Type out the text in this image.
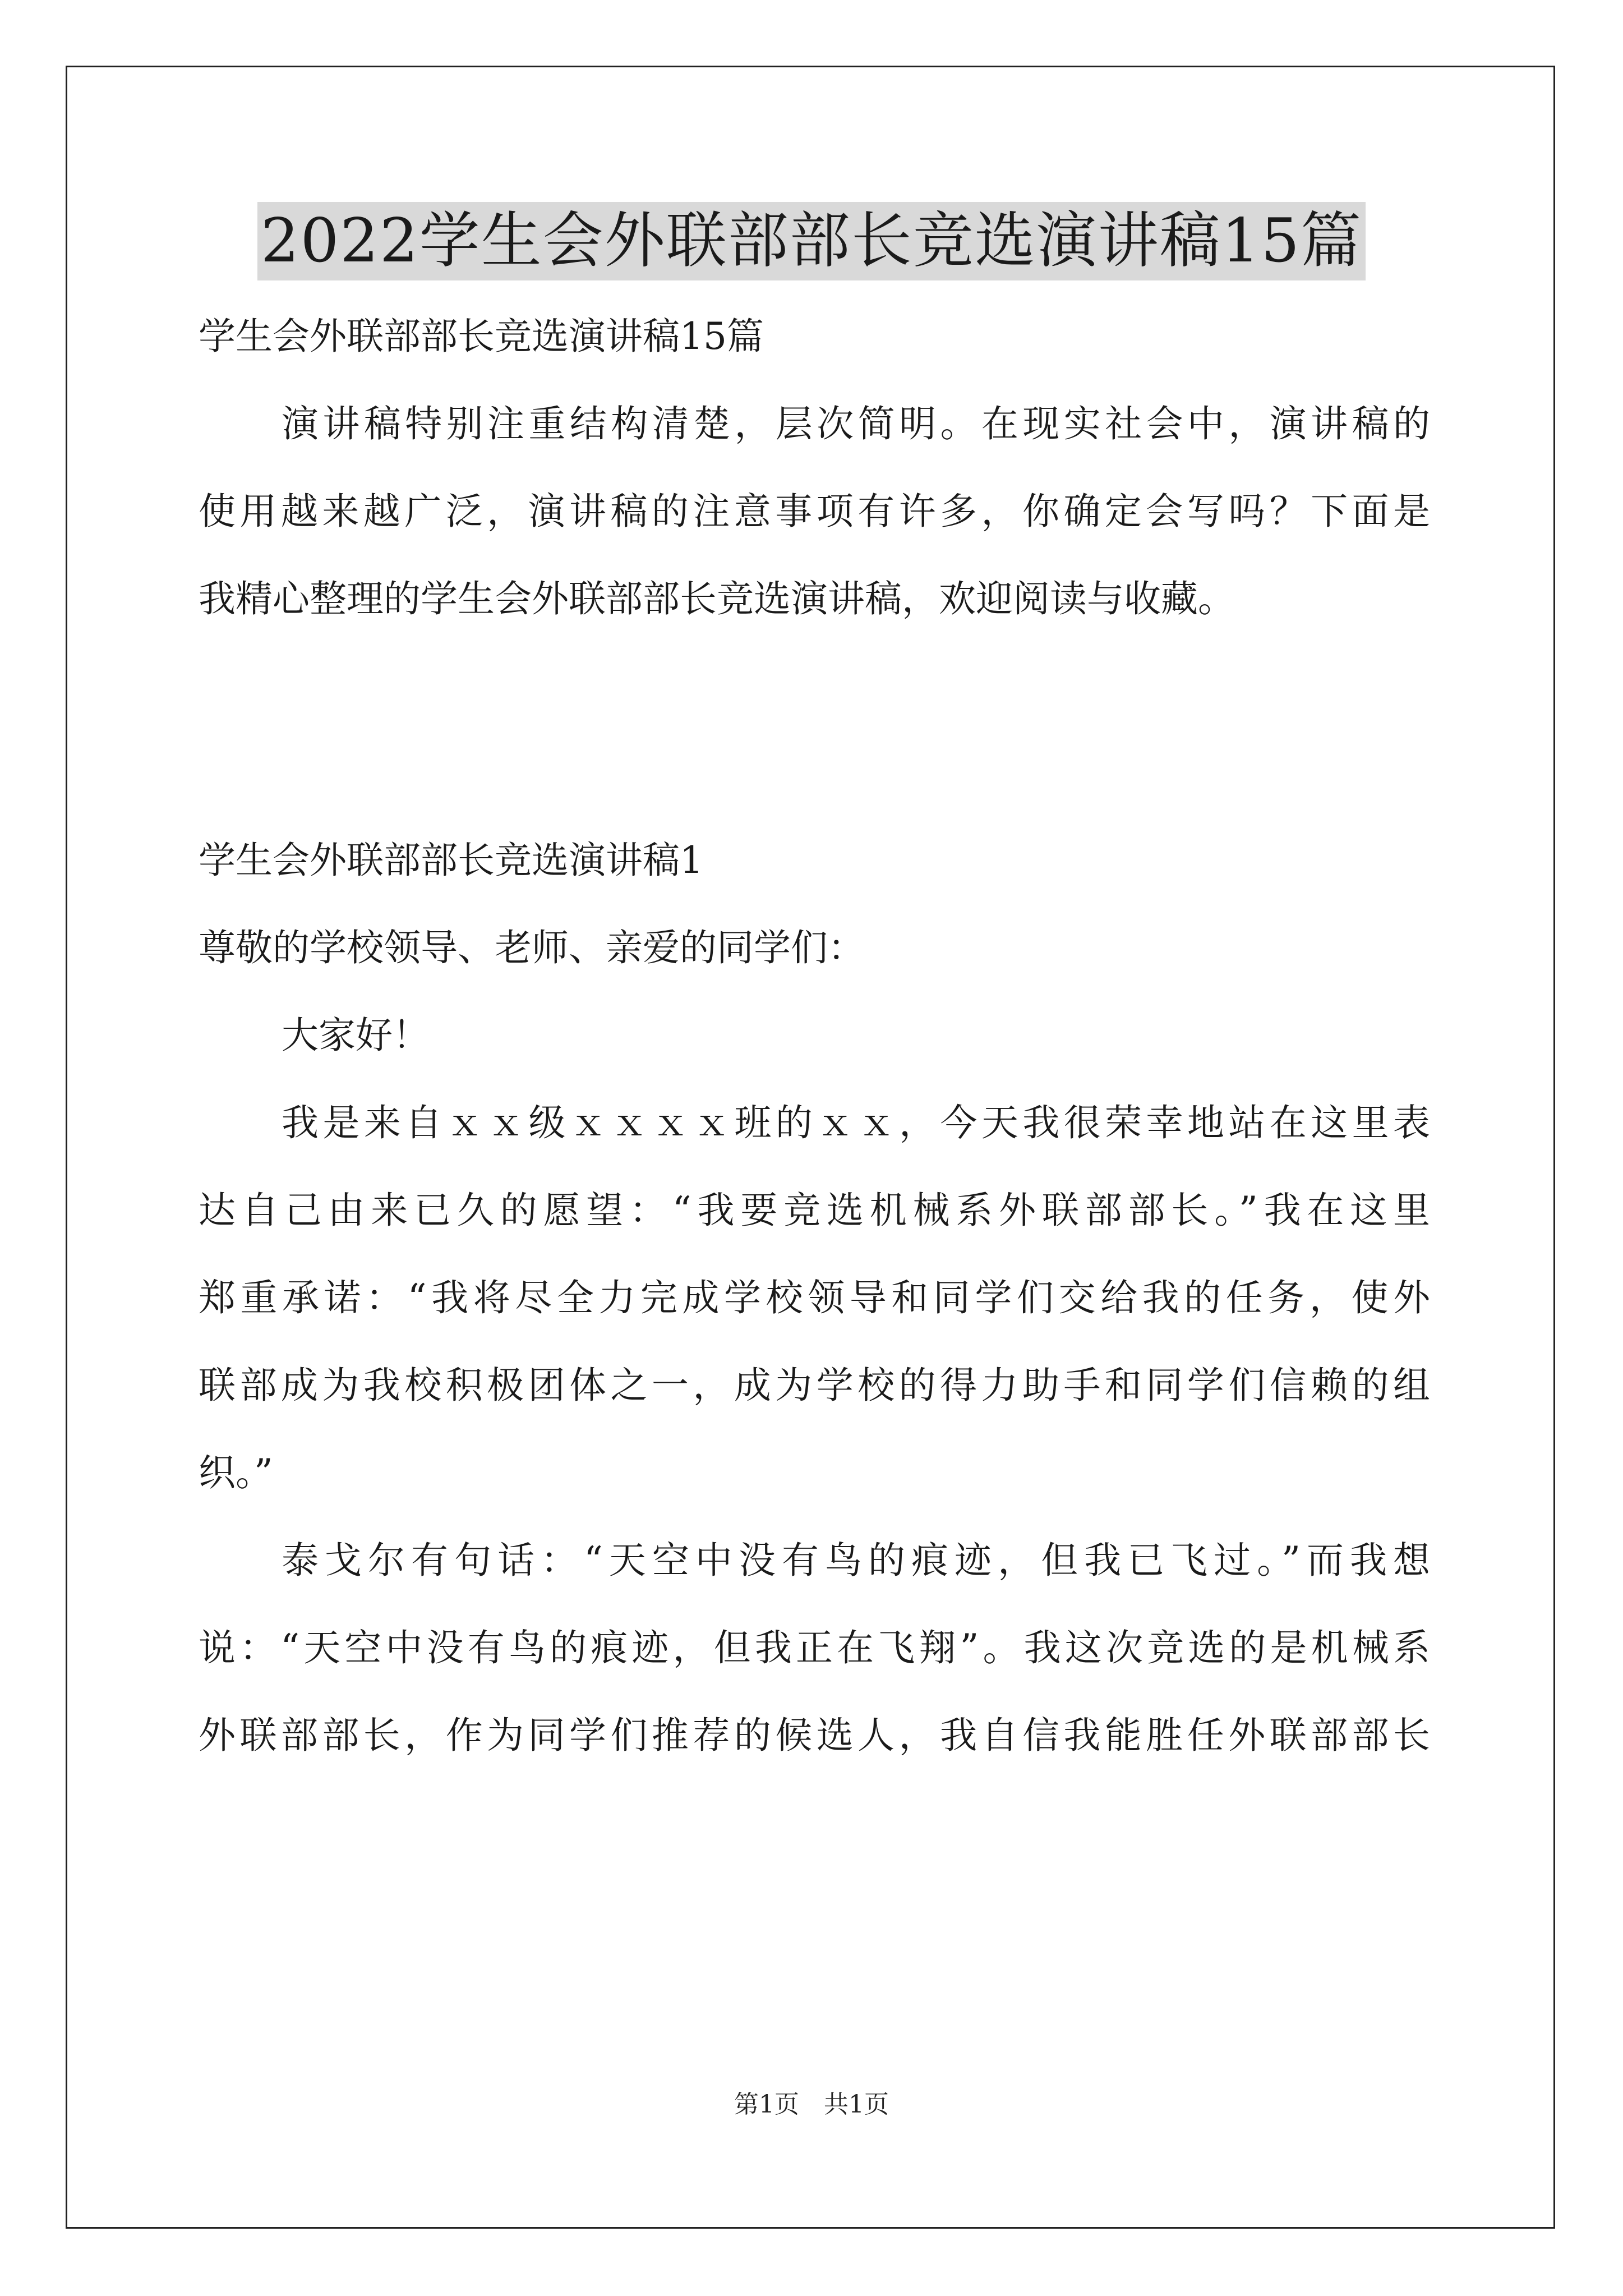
2022学生会外联部部长竞选演讲稿15篇
学生会外联部部长竞选演讲稿15篇
演讲稿特别注重结构清楚，层次简明。在现实社会中，演讲稿的
使用越来越广泛，演讲稿的注意事项有许多，你确定会写吗？下面是
我精心整理的学生会外联部部长竞选演讲稿，欢迎阅读与收藏。
学生会外联部部长竞选演讲稿1
尊敬的学校领导、老师、亲爱的同学们：
大家好！
我是来自ｘｘ级ｘｘｘｘ班的ｘｘ，今天我很荣幸地站在这里表
达自己由来已久的愿望：“我要竞选机械系外联部部长。”我在这里
郑重承诺：“我将尽全力完成学校领导和同学们交给我的任务，使外
联部成为我校积极团体之一，成为学校的得力助手和同学们信赖的组
织。”
泰戈尔有句话：“天空中没有鸟的痕迹，但我已飞过。”而我想
说：“天空中没有鸟的痕迹，但我正在飞翔”。我这次竞选的是机械系
外联部部长，作为同学们推荐的候选人，我自信我能胜任外联部部长
第1页　共1页
